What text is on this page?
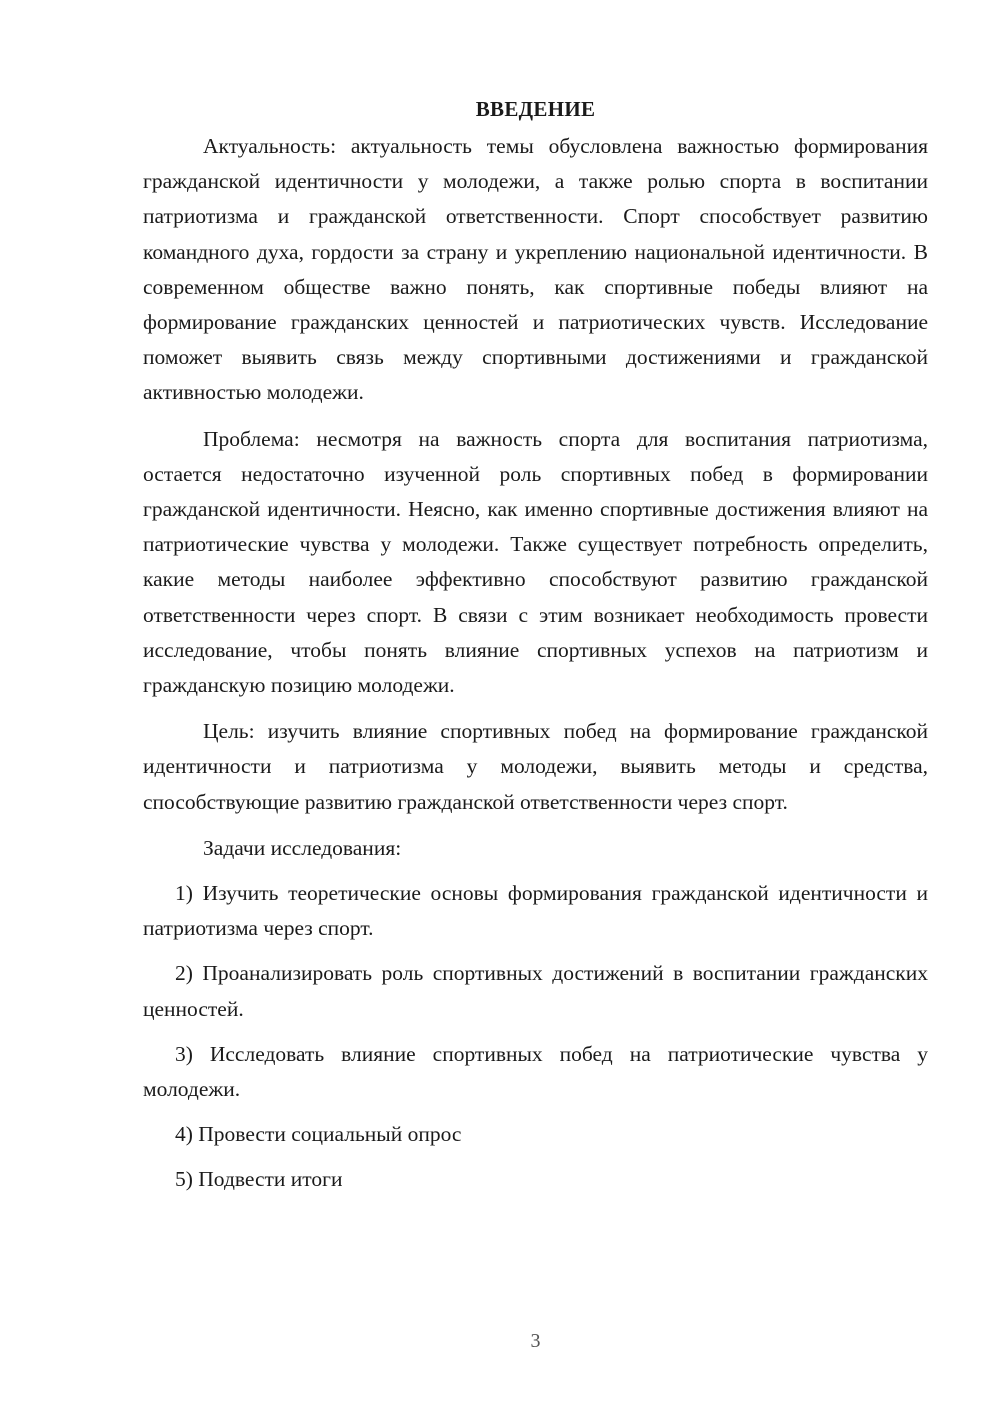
ВВЕДЕНИЕ

Актуальность: актуальность темы обусловлена важностью формирования гражданской идентичности у молодежи, а также ролью спорта в воспитании патриотизма и гражданской ответственности. Спорт способствует развитию командного духа, гордости за страну и укреплению национальной идентичности. В современном обществе важно понять, как спортивные победы влияют на формирование гражданских ценностей и патриотических чувств. Исследование поможет выявить связь между спортивными достижениями и гражданской активностью молодежи.

Проблема: несмотря на важность спорта для воспитания патриотизма, остается недостаточно изученной роль спортивных побед в формировании гражданской идентичности. Неясно, как именно спортивные достижения влияют на патриотические чувства у молодежи. Также существует потребность определить, какие методы наиболее эффективно способствуют развитию гражданской ответственности через спорт. В связи с этим возникает необходимость провести исследование, чтобы понять влияние спортивных успехов на патриотизм и гражданскую позицию молодежи.

Цель: изучить влияние спортивных побед на формирование гражданской идентичности и патриотизма у молодежи, выявить методы и средства, способствующие развитию гражданской ответственности через спорт.

Задачи исследования:

1) Изучить теоретические основы формирования гражданской идентичности и патриотизма через спорт.

2) Проанализировать роль спортивных достижений в воспитании гражданских ценностей.

3) Исследовать влияние спортивных побед на патриотические чувства у молодежи.

4) Провести социальный опрос

5) Подвести итоги

3
